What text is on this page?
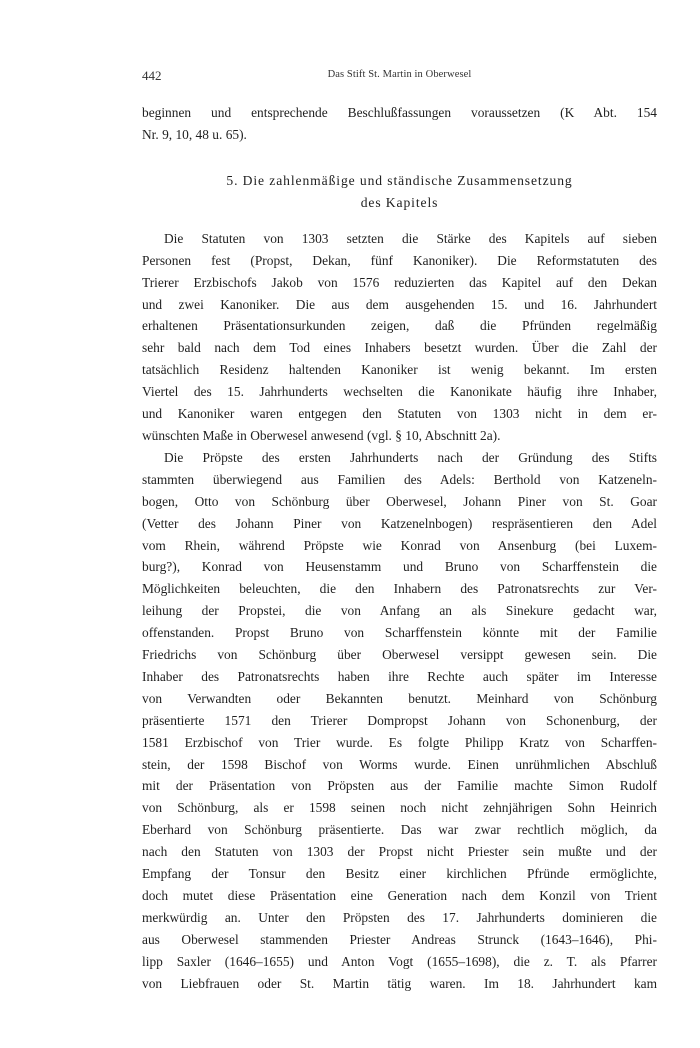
442	Das Stift St. Martin in Oberwesel
beginnen und entsprechende Beschlußfassungen voraussetzen (K Abt. 154
Nr. 9, 10, 48 u. 65).
5. Die zahlenmäßige und ständische Zusammensetzung
des Kapitels
Die Statuten von 1303 setzten die Stärke des Kapitels auf sieben
Personen fest (Propst, Dekan, fünf Kanoniker). Die Reformstatuten des
Trierer Erzbischofs Jakob von 1576 reduzierten das Kapitel auf den Dekan
und zwei Kanoniker. Die aus dem ausgehenden 15. und 16. Jahrhundert
erhaltenen Präsentationsurkunden zeigen, daß die Pfründen regelmäßig
sehr bald nach dem Tod eines Inhabers besetzt wurden. Über die Zahl der
tatsächlich Residenz haltenden Kanoniker ist wenig bekannt. Im ersten
Viertel des 15. Jahrhunderts wechselten die Kanonikate häufig ihre Inhaber,
und Kanoniker waren entgegen den Statuten von 1303 nicht in dem er-
wünschten Maße in Oberwesel anwesend (vgl. § 10, Abschnitt 2a).
Die Pröpste des ersten Jahrhunderts nach der Gründung des Stifts
stammten überwiegend aus Familien des Adels: Berthold von Katzeneln-
bogen, Otto von Schönburg über Oberwesel, Johann Piner von St. Goar
(Vetter des Johann Piner von Katzenelnbogen) respräsentieren den Adel
vom Rhein, während Pröpste wie Konrad von Ansenburg (bei Luxem-
burg?), Konrad von Heusenstamm und Bruno von Scharffenstein die
Möglichkeiten beleuchten, die den Inhabern des Patronatsrechts zur Ver-
leihung der Propstei, die von Anfang an als Sinekure gedacht war,
offenstanden. Propst Bruno von Scharffenstein könnte mit der Familie
Friedrichs von Schönburg über Oberwesel versippt gewesen sein. Die
Inhaber des Patronatsrechts haben ihre Rechte auch später im Interesse
von Verwandten oder Bekannten benutzt. Meinhard von Schönburg
präsentierte 1571 den Trierer Dompropst Johann von Schonenburg, der
1581 Erzbischof von Trier wurde. Es folgte Philipp Kratz von Scharffen-
stein, der 1598 Bischof von Worms wurde. Einen unrühmlichen Abschluß
mit der Präsentation von Pröpsten aus der Familie machte Simon Rudolf
von Schönburg, als er 1598 seinen noch nicht zehnjährigen Sohn Heinrich
Eberhard von Schönburg präsentierte. Das war zwar rechtlich möglich, da
nach den Statuten von 1303 der Propst nicht Priester sein mußte und der
Empfang der Tonsur den Besitz einer kirchlichen Pfründe ermöglichte,
doch mutet diese Präsentation eine Generation nach dem Konzil von Trient
merkwürdig an. Unter den Pröpsten des 17. Jahrhunderts dominieren die
aus Oberwesel stammenden Priester Andreas Strunck (1643–1646), Phi-
lipp Saxler (1646–1655) und Anton Vogt (1655–1698), die z. T. als Pfarrer
von Liebfrauen oder St. Martin tätig waren. Im 18. Jahrhundert kam
